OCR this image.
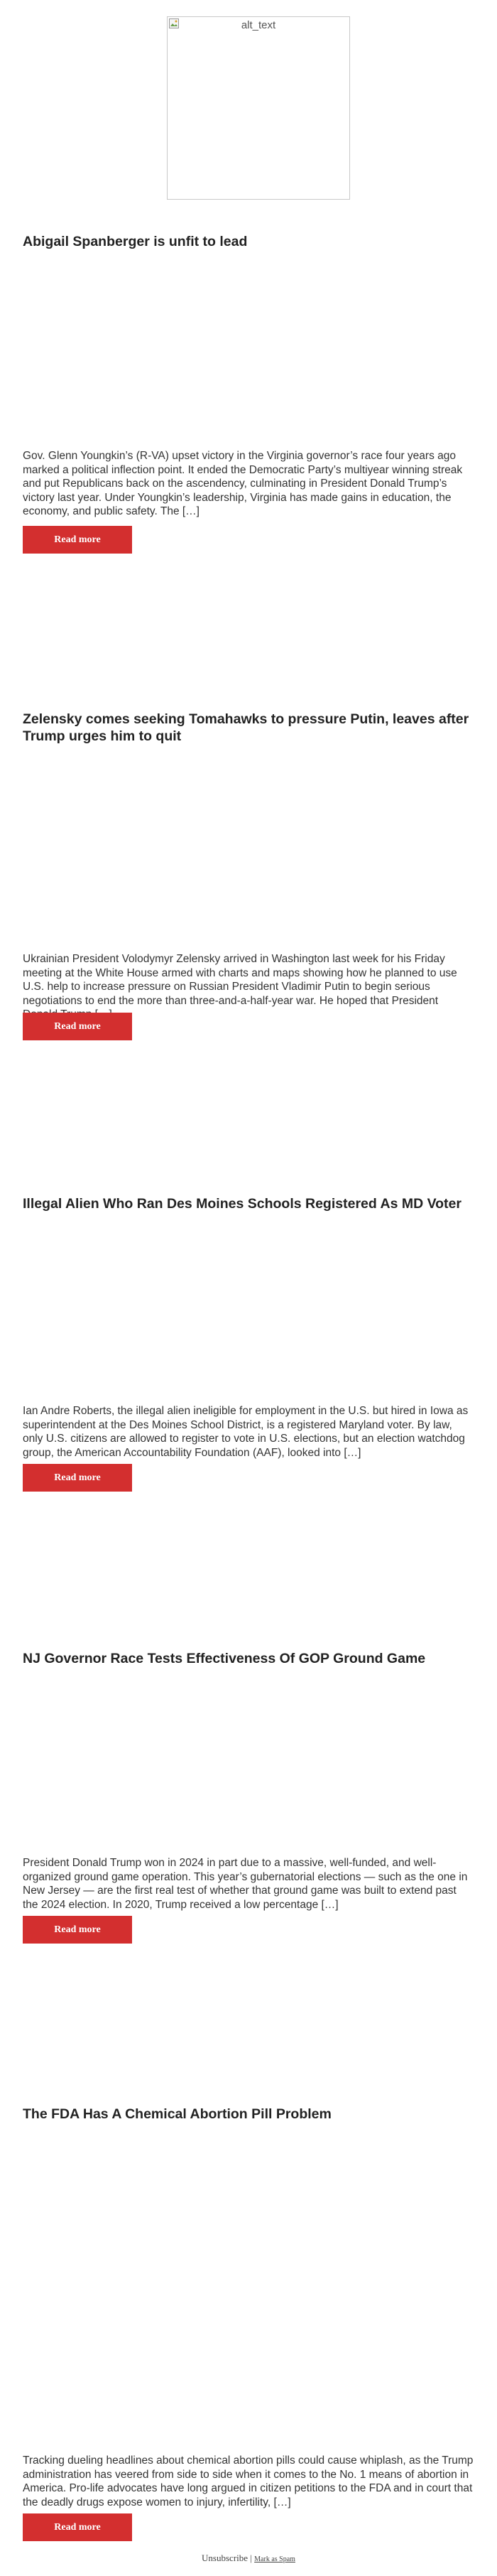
alt_text
Abigail Spanberger is unfit to lead

Gov. Glenn Youngkin’s (R-VA) upset victory in the Virginia governor’s race four years ago marked a political inflection point. It ended the Democratic Party’s multiyear winning streak and put Republicans back on the ascendency, culminating in President Donald Trump’s victory last year. Under Youngkin’s leadership, Virginia has made gains in education, the economy, and public safety. The […]

Read more
Zelensky comes seeking Tomahawks to pressure Putin, leaves after Trump urges him to quit

Ukrainian President Volodymyr Zelensky arrived in Washington last week for his Friday meeting at the White House armed with charts and maps showing how he planned to use U.S. help to increase pressure on Russian President Vladimir Putin to begin serious negotiations to end the more than three-and-a-half-year war. He hoped that President

Read more
Illegal Alien Who Ran Des Moines Schools Registered As MD Voter

Ian Andre Roberts, the illegal alien ineligible for employment in the U.S. but hired in Iowa as superintendent at the Des Moines School District, is a registered Maryland voter. By law, only U.S. citizens are allowed to register to vote in U.S. elections, but an election watchdog group, the American Accountability Foundation (AAF), looked into […]

Read more
NJ Governor Race Tests Effectiveness Of GOP Ground Game

President Donald Trump won in 2024 in part due to a massive, well-funded, and well-organized ground game operation. This year’s gubernatorial elections — such as the one in New Jersey — are the first real test of whether that ground game was built to extend past the 2024 election. In 2020, Trump received a low percentage […]

Read more
The FDA Has A Chemical Abortion Pill Problem

Tracking dueling headlines about chemical abortion pills could cause whiplash, as the Trump administration has veered from side to side when it comes to the No. 1 means of abortion in America. Pro-life advocates have long argued in citizen petitions to the FDA and in court that the deadly drugs expose women to injury, infertility, […]

Read more
Unsubscribe | Mark as Spam
